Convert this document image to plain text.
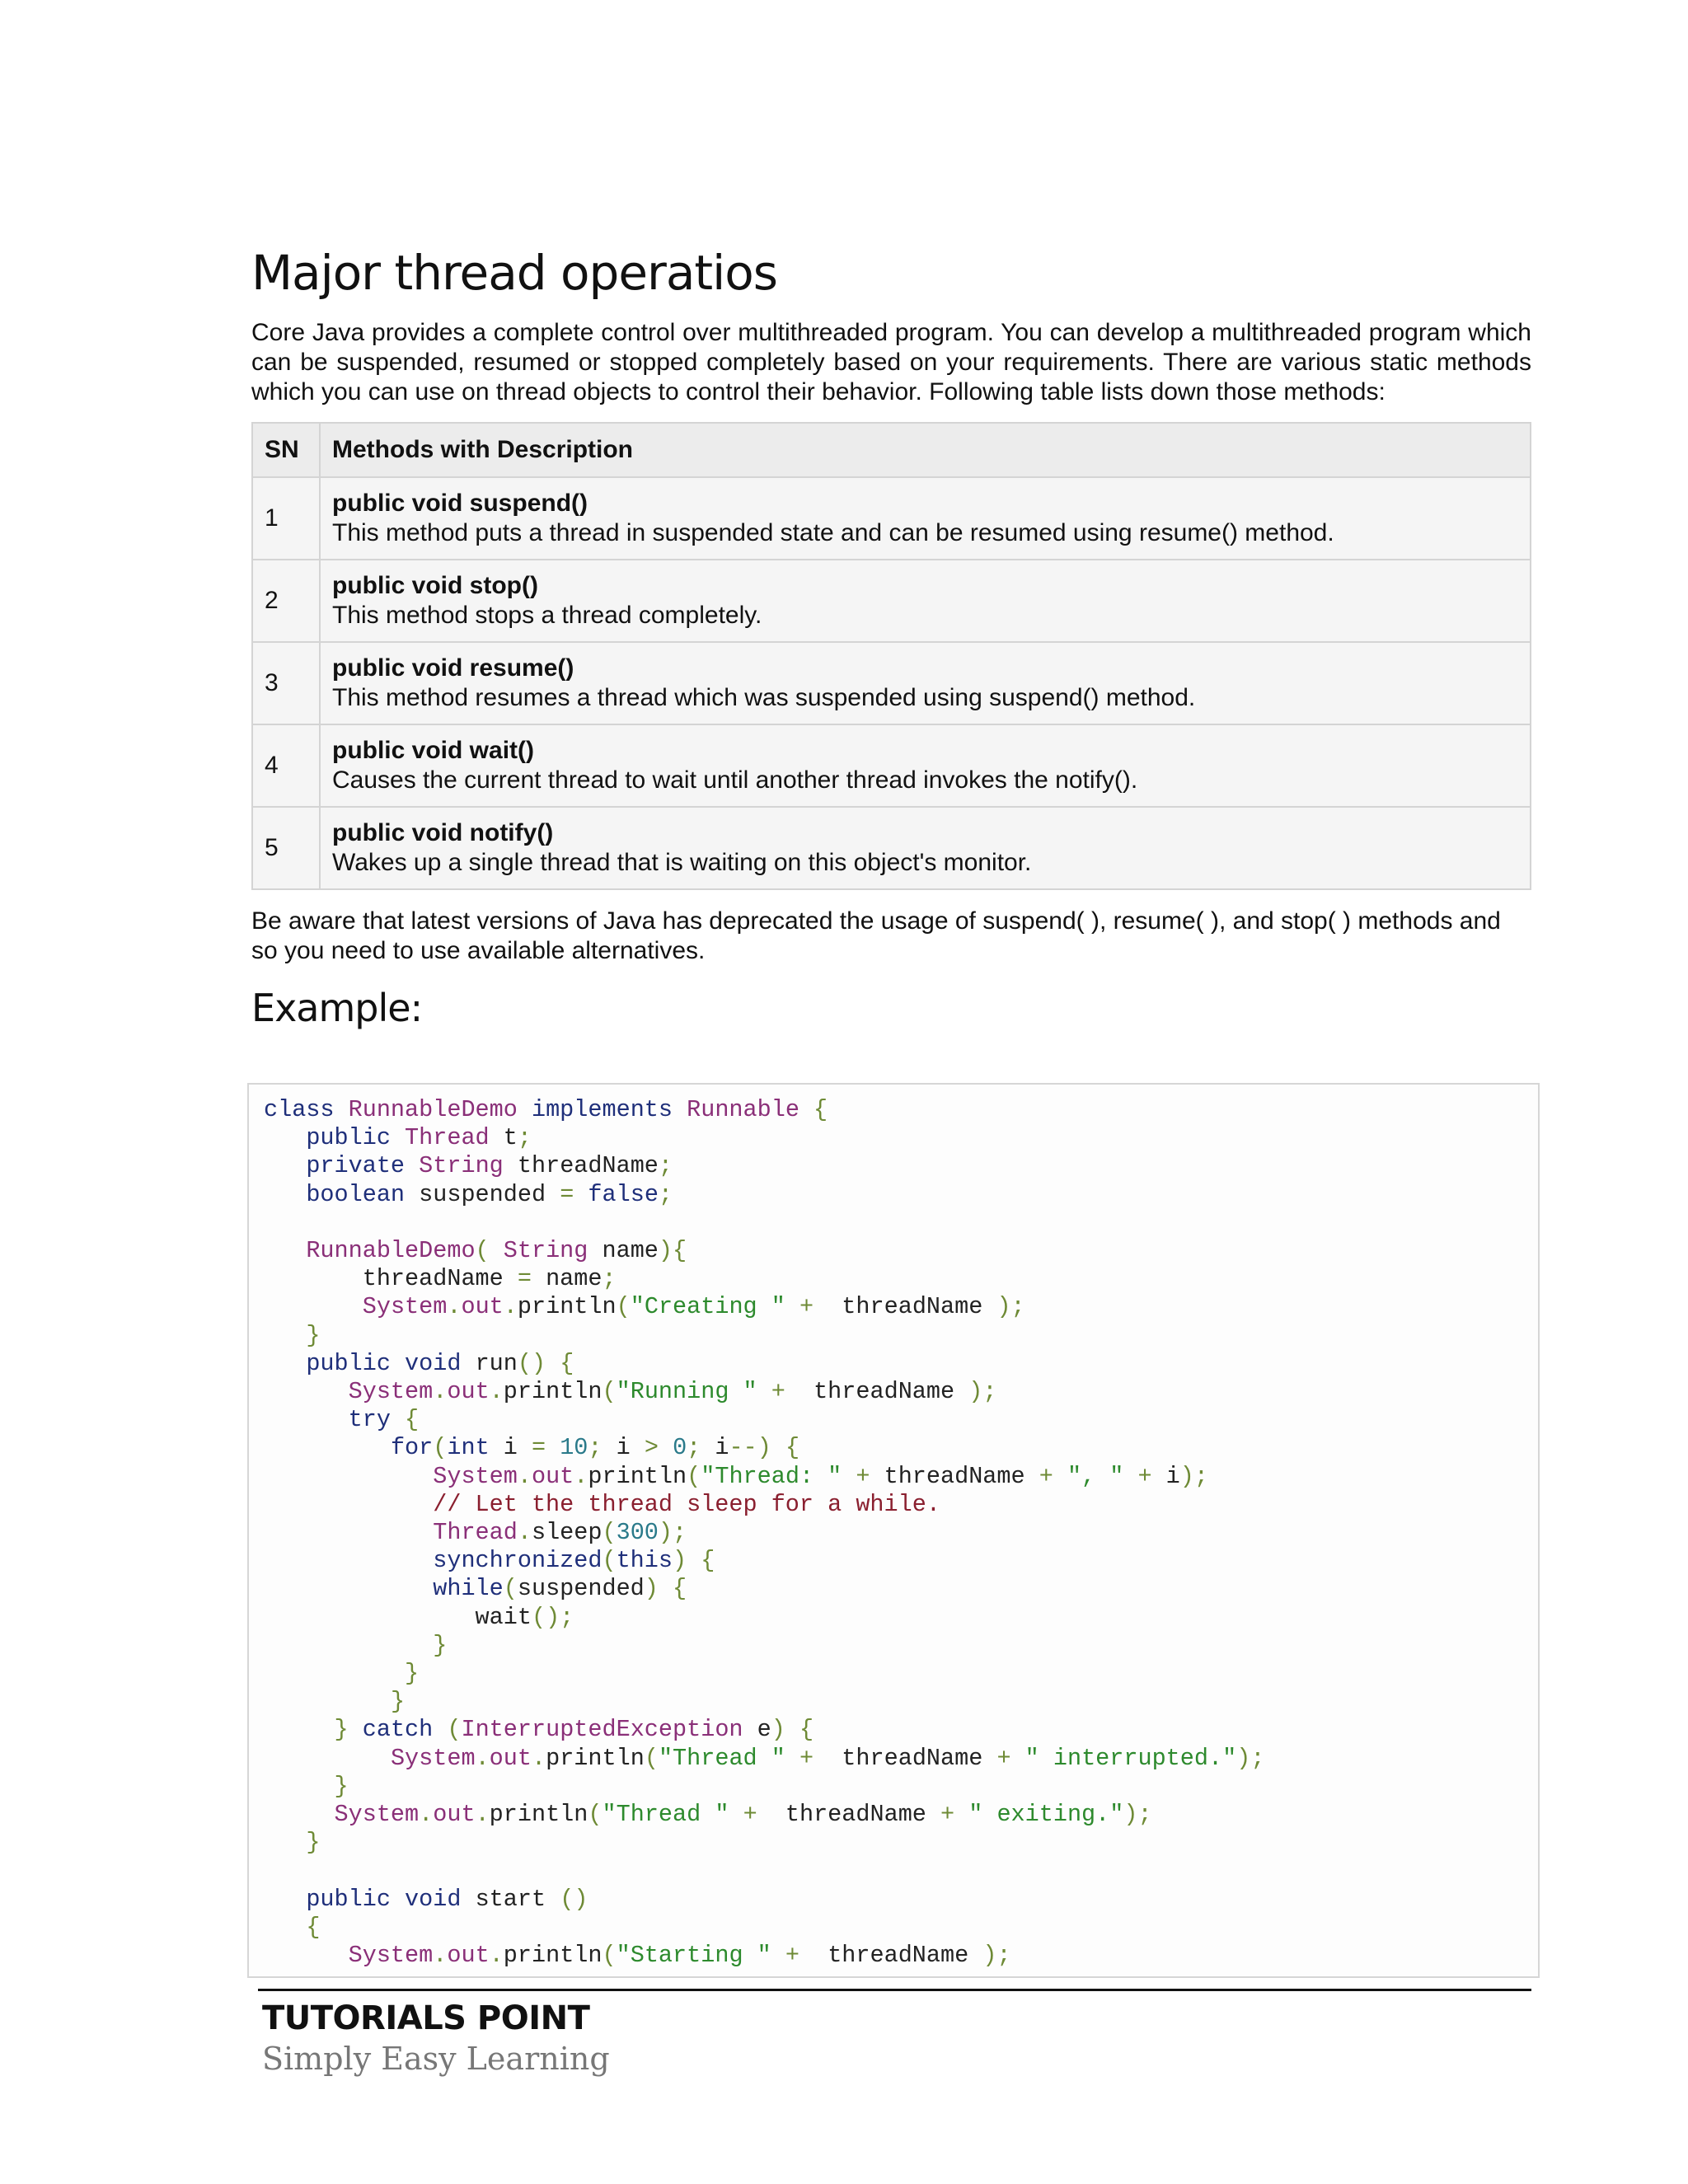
Major thread operatios

Core Java provides a complete control over multithreaded program. You can develop a multithreaded program which can be suspended, resumed or stopped completely based on your requirements. There are various static methods which you can use on thread objects to control their behavior. Following table lists down those methods:

SN	Methods with Description
1	public void suspend()
This method puts a thread in suspended state and can be resumed using resume() method.

2	public void stop()
This method stops a thread completely.

3	public void resume()
This method resumes a thread which was suspended using suspend() method.

4	public void wait()
Causes the current thread to wait until another thread invokes the notify().

5	public void notify()
Wakes up a single thread that is waiting on this object's monitor.

Be aware that latest versions of Java has deprecated the usage of suspend( ), resume( ), and stop( ) methods and so you need to use available alternatives.

Example:
class RunnableDemo implements Runnable {
public Thread t;
private String threadName;
boolean suspended = false;

RunnableDemo( String name){
threadName = name;
System.out.println("Creating " +  threadName );
}
public void run() {
System.out.println("Running " +  threadName );
try {
for(int i = 10; i > 0; i--) {
System.out.println("Thread: " + threadName + ", " + i);
// Let the thread sleep for a while.
Thread.sleep(300);
synchronized(this) {
while(suspended) {
wait();
}
}
}
} catch (InterruptedException e) {
System.out.println("Thread " +  threadName + " interrupted.");
}
System.out.println("Thread " +  threadName + " exiting.");
}

public void start ()
{
System.out.println("Starting " +  threadName );
TUTORIALS POINT
Simply Easy Learning
